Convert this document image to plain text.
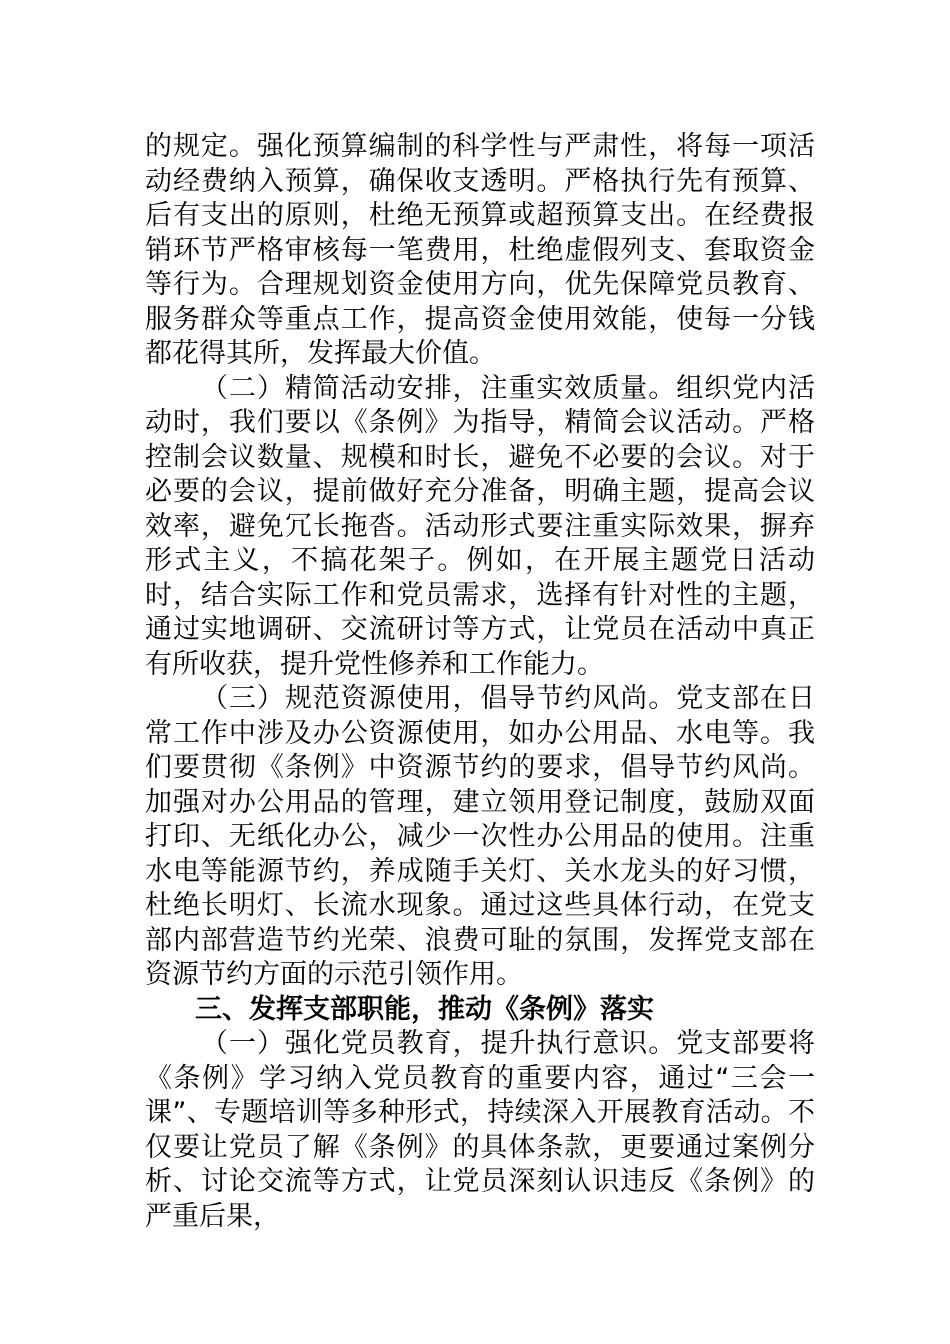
的规定。强化预算编制的科学性与严肃性，将每一项活动经费纳入预算，确保收支透明。严格执行先有预算、后有支出的原则，杜绝无预算或超预算支出。在经费报销环节严格审核每一笔费用，杜绝虚假列支、套取资金等行为。合理规划资金使用方向，优先保障党员教育、服务群众等重点工作，提高资金使用效能，使每一分钱都花得其所，发挥最大价值。

（二）精简活动安排，注重实效质量。组织党内活动时，我们要以《条例》为指导，精简会议活动。严格控制会议数量、规模和时长，避免不必要的会议。对于必要的会议，提前做好充分准备，明确主题，提高会议效率，避免冗长拖沓。活动形式要注重实际效果，摒弃形式主义，不搞花架子。例如，在开展主题党日活动时，结合实际工作和党员需求，选择有针对性的主题，通过实地调研、交流研讨等方式，让党员在活动中真正有所收获，提升党性修养和工作能力。

（三）规范资源使用，倡导节约风尚。党支部在日常工作中涉及办公资源使用，如办公用品、水电等。我们要贯彻《条例》中资源节约的要求，倡导节约风尚。加强对办公用品的管理，建立领用登记制度，鼓励双面打印、无纸化办公，减少一次性办公用品的使用。注重水电等能源节约，养成随手关灯、关水龙头的好习惯，杜绝长明灯、长流水现象。通过这些具体行动，在党支部内部营造节约光荣、浪费可耻的氛围，发挥党支部在资源节约方面的示范引领作用。

三、发挥支部职能，推动《条例》落实

（一）强化党员教育，提升执行意识。党支部要将《条例》学习纳入党员教育的重要内容，通过“三会一课”、专题培训等多种形式，持续深入开展教育活动。不仅要让党员了解《条例》的具体条款，更要通过案例分析、讨论交流等方式，让党员深刻认识违反《条例》的严重后果，
